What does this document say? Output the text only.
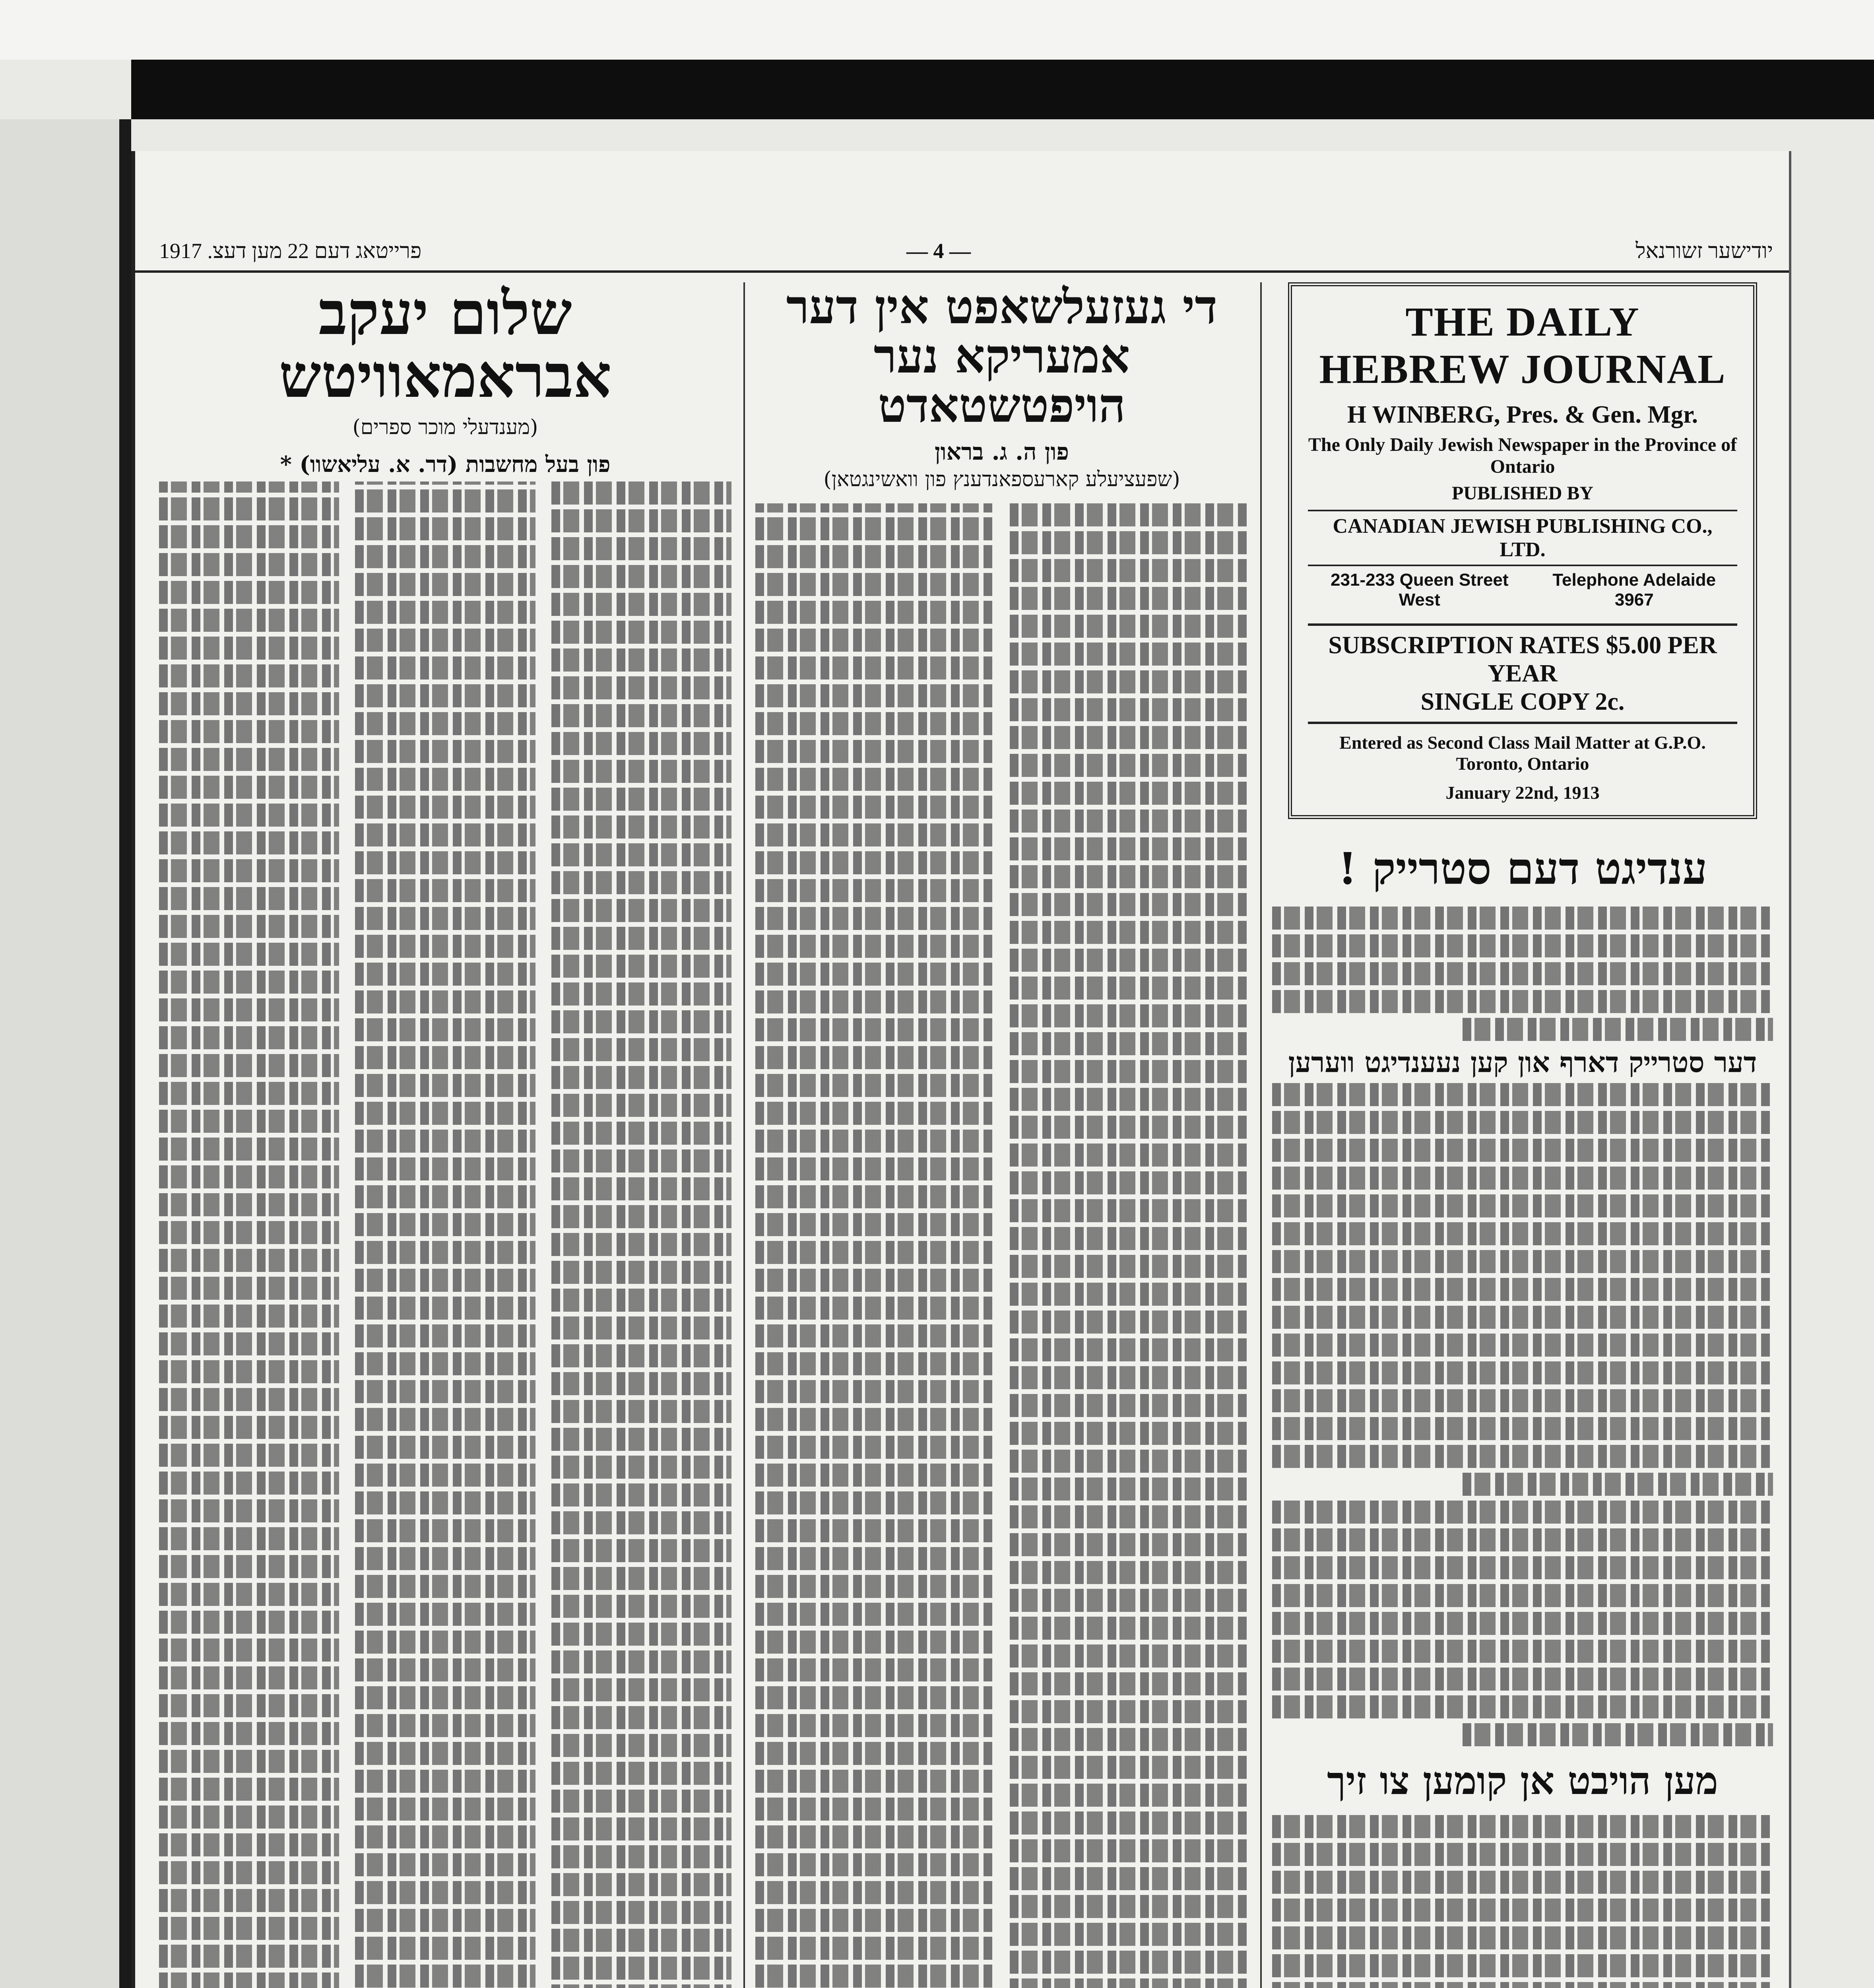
פרייטאג דעם 22 מען דעצ. 1917	— 4 —	יודישער זשורנאל
THE DAILY HEBREW JOURNAL
H WINBERG, Pres. & Gen. Mgr.
The Only Daily Jewish Newspaper in the Province of Ontario
PUBLISHED BY
CANADIAN JEWISH PUBLISHING CO., LTD.
231-233 Queen Street West
Telephone Adelaide 3967
SUBSCRIPTION RATES $5.00 PER YEAR
SINGLE COPY 2c.
Entered as Second Class Mail Matter at G.P.O. Toronto, Ontario
January 22nd, 1913
ענדיגט דעם סטרייק !
דער סטרייק דארף און קען נעענדיגט ווערען
מען הויבט אן קומען צו זיך
די געזעלשאפט אין דער אמעריקא נער הויפטשטאדט
פון ה. ג. בראון
(שפעציעלע קארעספאנדענץ פון וואשינגטאן)
שלום יעקב אבראמאוויטש
(מענדעלי מוכר ספרים)
פון בעל מחשבות (דר. א. עליאשוו) *
